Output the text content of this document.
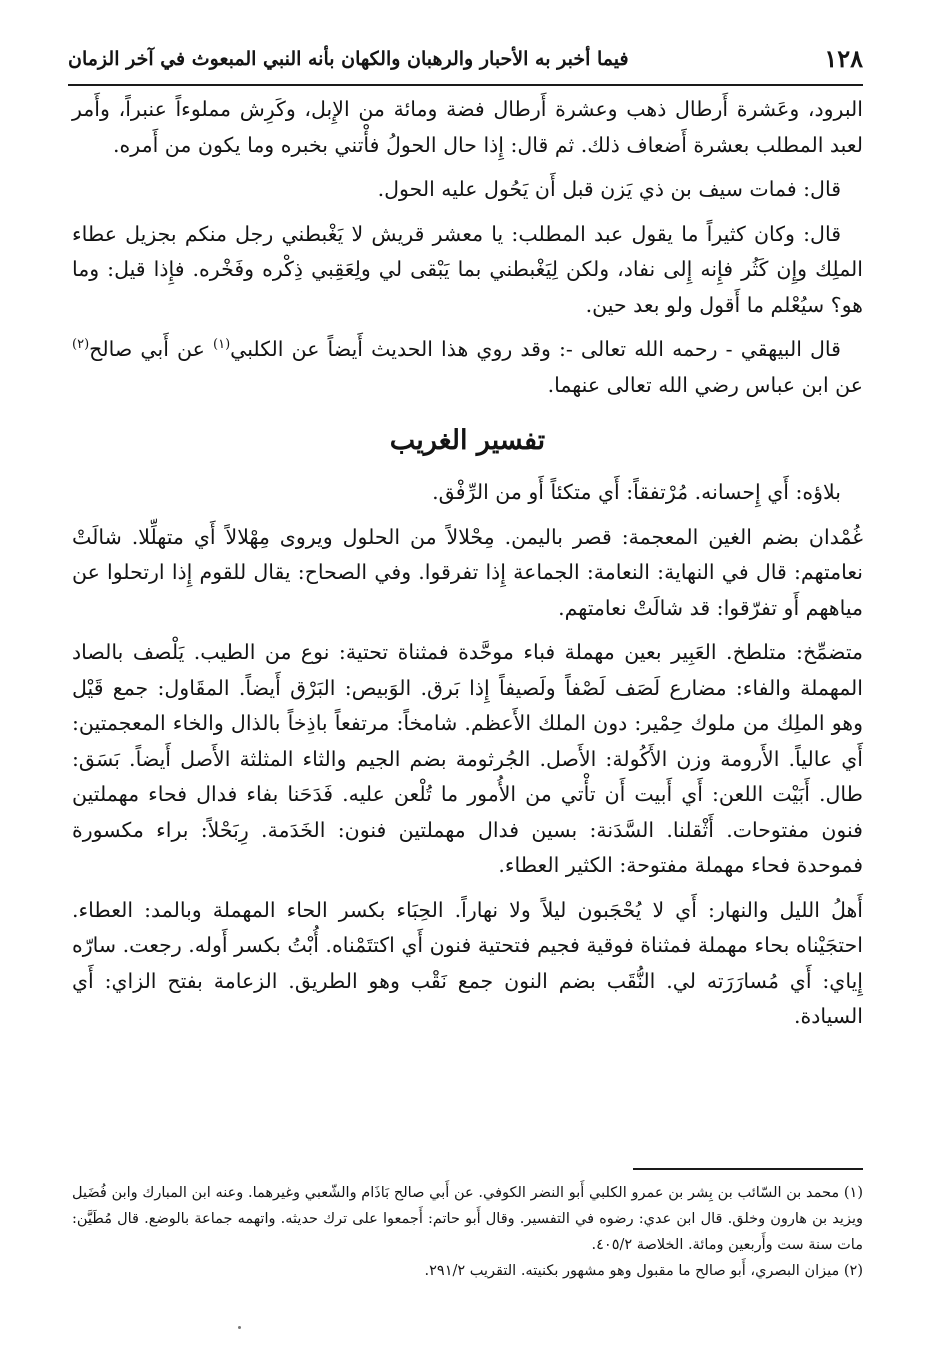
١٢٨
فيما أخبر به الأحبار والرهبان والكهان بأنه النبي المبعوث في آخر الزمان

البرود، وعَشرة أَرطال ذهب وعشرة أَرطال فضة ومائة من الإِبل، وكَرِش مملوءاً عنبراً، وأَمر لعبد المطلب بعشرة أَضعاف ذلك. ثم قال: إِذا حال الحولُ فأْتني بخبره وما يكون من أَمره.

قال: فمات سيف بن ذي يَزن قبل أَن يَحُول عليه الحول.

قال: وكان كثيراً ما يقول عبد المطلب: يا معشر قريش لا يَغْبطني رجل منكم بجزيل عطاء الملِك وإِن كَثُر فإِنه إِلى نفاد، ولكن لِيَغْبطني بما يَبْقى لي ولِعَقِبي ذِكْره وفَخْره. فإِذا قيل: وما هو؟ سيُعْلم ما أَقول ولو بعد حين.

قال البيهقي - رحمه الله تعالى -: وقد روي هذا الحديث أَيضاً عن الكلبي$^{(١)}$ عن أَبي صالح$^{(٢)}$ عن ابن عباس رضي الله تعالى عنهما.

تفسير الغريب

بلاؤه: أَي إِحسانه. مُرْتفقاً: أَي متكئاً أَو من الرِّفْق.

غُمْدان بضم الغين المعجمة: قصر باليمن. مِحْلالاً من الحلول ويروى مِهْلالاً أَي متهلِّلا. شالَتْ نعامتهم: قال في النهاية: النعامة: الجماعة إِذا تفرقوا. وفي الصحاح: يقال للقوم إِذا ارتحلوا عن مياههم أَو تفرّقوا: قد شالَتْ نعامتهم.

متضمِّخ: متلطخ. العَبِير بعين مهملة فباء موحَّدة فمثناة تحتية: نوع من الطيب. يَلْصف بالصاد المهملة والفاء: مضارع لَصَف لَصْفاً ولَصيفاً إِذا بَرق. الوَبيص: البَرْق أَيضاً. المقَاول: جمع قَيْل وهو الملِك من ملوك حِمْير: دون الملك الأَعظم. شامخاً: مرتفعاً باذِخاً بالذال والخاء المعجمتين: أَي عالياً. الأَرومة وزن الأَكُولة: الأَصل. الجُرثومة بضم الجيم والثاء المثلثة الأَصل أَيضاً. بَسَق: طال. أَبَيْت اللعن: أَي أَبيت أَن تأْتي من الأُمور ما تُلْعن عليه. فَدَحَنا بفاء فدال فحاء مهملتين فنون مفتوحات. أَثْقلنا. السَّدَنة: بسين فدال مهملتين فنون: الخَدَمة. رِبَحْلاً: براء مكسورة فموحدة فحاء مهملة مفتوحة: الكثير العطاء.

أَهلُ الليل والنهار: أَي لا يُحْجَبون ليلاً ولا نهاراً. الحِبَاء بكسر الحاء المهملة وبالمد: العطاء. احتجَيْناه بحاء مهملة فمثناة فوقية فجيم فتحتية فنون أَي اكتتَمْناه. أُبْتُ بكسر أَوله. رجعت. سارّه إِياي: أَي مُسارَرَته لي. النُّقَب بضم النون جمع نَقْب وهو الطريق. الزعامة بفتح الزاي: أَي السيادة.

(١) محمد بن السّائب بن بِشر بن عمرو الكلبي أَبو النضر الكوفي. عن أَبي صالح بَاذَام والشّعبي وغيرهما. وعنه ابن المبارك وابن فُضَيل ويزيد بن هارون وخلق. قال ابن عدي: رضوه في التفسير. وقال أَبو حاتم: أَجمعوا على ترك حديثه. واتهمه جماعة بالوضع. قال مُطَيَّن: مات سنة ست وأَربعين ومائة. الخلاصة ٤٠٥/٢.

(٢) ميزان البصري، أَبو صالح ما مقبول وهو مشهور بكنيته. التقريب ٢٩١/٢.
